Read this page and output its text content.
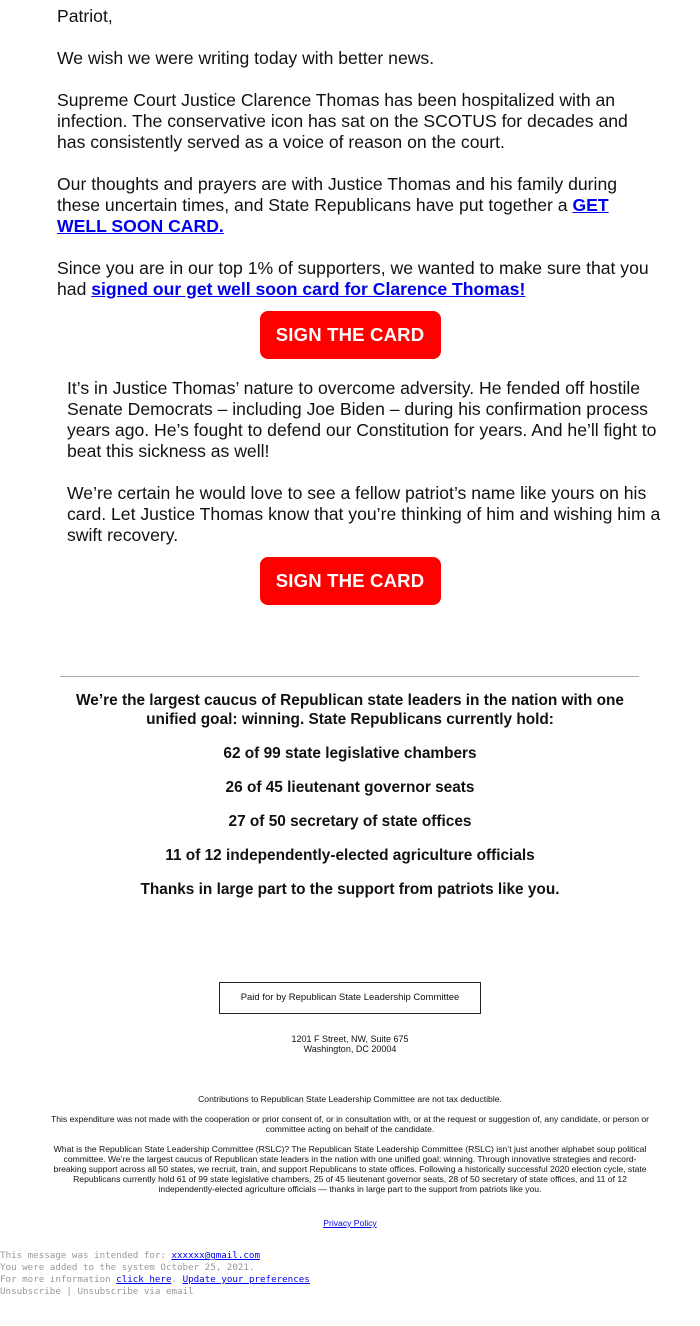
Patriot,

We wish we were writing today with better news.

Supreme Court Justice Clarence Thomas has been hospitalized with an infection. The conservative icon has sat on the SCOTUS for decades and has consistently served as a voice of reason on the court.

Our thoughts and prayers are with Justice Thomas and his family during these uncertain times, and State Republicans have put together a GET WELL SOON CARD.

Since you are in our top 1% of supporters, we wanted to make sure that you had signed our get well soon card for Clarence Thomas!

SIGN THE CARD

It’s in Justice Thomas’ nature to overcome adversity. He fended off hostile Senate Democrats – including Joe Biden – during his confirmation process years ago. He’s fought to defend our Constitution for years. And he’ll fight to beat this sickness as well!

We’re certain he would love to see a fellow patriot’s name like yours on his card. Let Justice Thomas know that you’re thinking of him and wishing him a swift recovery.

SIGN THE CARD

We’re the largest caucus of Republican state leaders in the nation with one unified goal: winning. State Republicans currently hold:

62 of 99 state legislative chambers

26 of 45 lieutenant governor seats

27 of 50 secretary of state offices

11 of 12 independently-elected agriculture officials

Thanks in large part to the support from patriots like you.

Paid for by Republican State Leadership Committee
1201 F Street, NW, Suite 675
Washington, DC 20004
Contributions to Republican State Leadership Committee are not tax deductible.
This expenditure was not made with the cooperation or prior consent of, or in consultation with, or at the request or suggestion of, any candidate, or person or committee acting on behalf of the candidate.
What is the Republican State Leadership Committee (RSLC)? The Republican State Leadership Committee (RSLC) isn’t just another alphabet soup political committee. We’re the largest caucus of Republican state leaders in the nation with one unified goal: winning. Through innovative strategies and record-breaking support across all 50 states, we recruit, train, and support Republicans to state offices. Following a historically successful 2020 election cycle, state Republicans currently hold 61 of 99 state legislative chambers, 25 of 45 lieutenant governor seats, 28 of 50 secretary of state offices, and 11 of 12 independently-elected agriculture officials — thanks in large part to the support from patriots like you.
Privacy Policy
This message was intended for: xxxxxx@gmail.com
You were added to the system October 25, 2021.
For more information click here. Update your preferences
Unsubscribe | Unsubscribe via email
